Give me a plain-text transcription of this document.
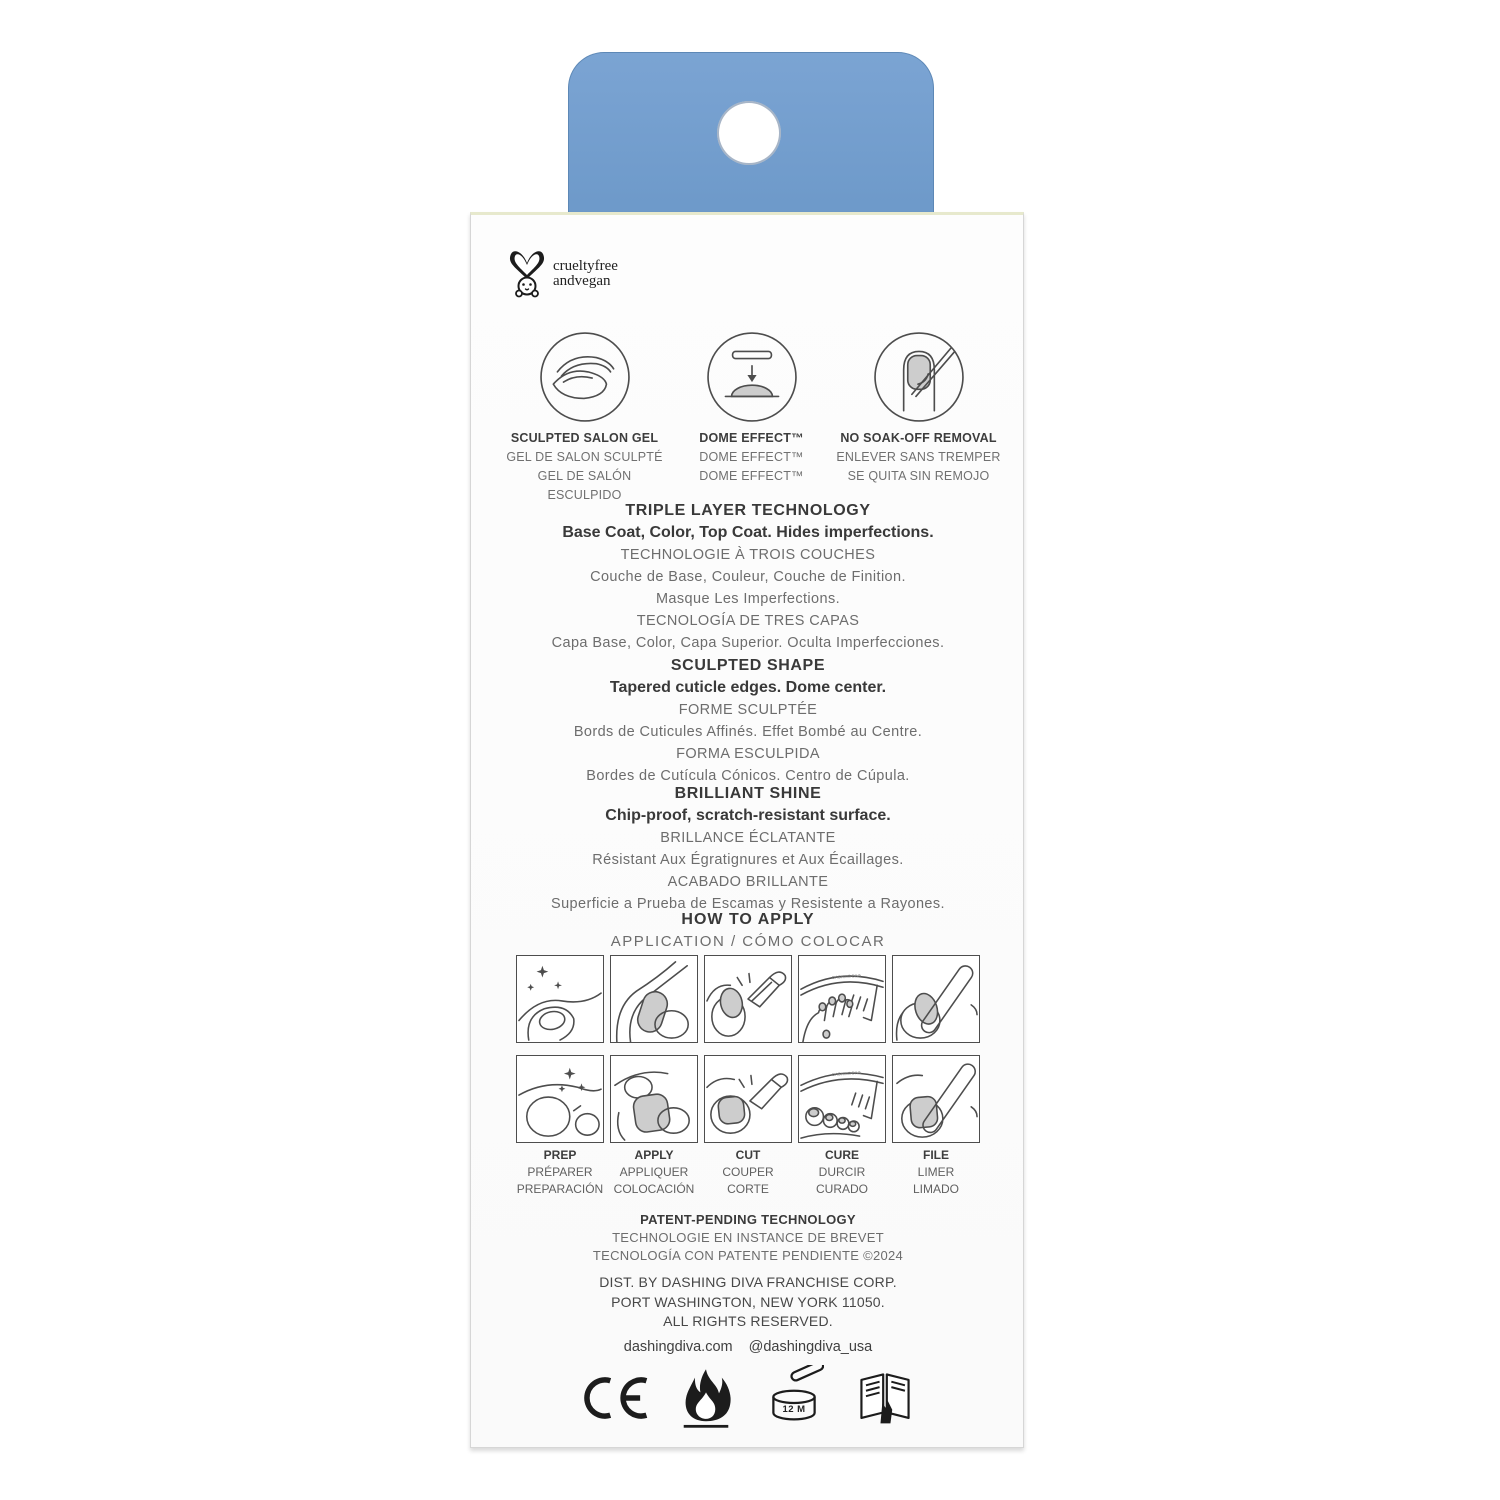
crueltyfree
andvegan
SCULPTED SALON GEL
GEL DE SALON SCULPTÉ
GEL DE SALÓN ESCULPIDO
DOME EFFECT™
DOME EFFECT™
DOME EFFECT™
NO SOAK-OFF REMOVAL
ENLEVER SANS TREMPER
SE QUITA SIN REMOJO
TRIPLE LAYER TECHNOLOGY
Base Coat, Color, Top Coat. Hides imperfections.
TECHNOLOGIE À TROIS COUCHES
Couche de Base, Couleur, Couche de Finition.
Masque Les Imperfections.
TECNOLOGÍA DE TRES CAPAS
Capa Base, Color, Capa Superior. Oculta Imperfecciones.
SCULPTED SHAPE
Tapered cuticle edges. Dome center.
FORME SCULPTÉE
Bords de Cuticules Affinés. Effet Bombé au Centre.
FORMA ESCULPIDA
Bordes de Cutícula Cónicos. Centro de Cúpula.
BRILLIANT SHINE
Chip-proof, scratch-resistant surface.
BRILLANCE ÉCLATANTE
Résistant Aux Égratignures et Aux Écaillages.
ACABADO BRILLANTE
Superficie a Prueba de Escamas y Resistente a Rayones.
HOW TO APPLY
APPLICATION / CÓMO COLOCAR
DASHING DIVA
DASHING DIVA
PREP
PRÉPARER
PREPARACIÓN
APPLY
APPLIQUER
COLOCACIÓN
CUT
COUPER
CORTE
CURE
DURCIR
CURADO
FILE
LIMER
LIMADO
PATENT-PENDING TECHNOLOGY
TECHNOLOGIE EN INSTANCE DE BREVET
TECNOLOGÍA CON PATENTE PENDIENTE ©2024
DIST. BY DASHING DIVA FRANCHISE CORP.
PORT WASHINGTON, NEW YORK 11050.
ALL RIGHTS RESERVED.
dashingdiva.com @dashingdiva_usa
12 M
